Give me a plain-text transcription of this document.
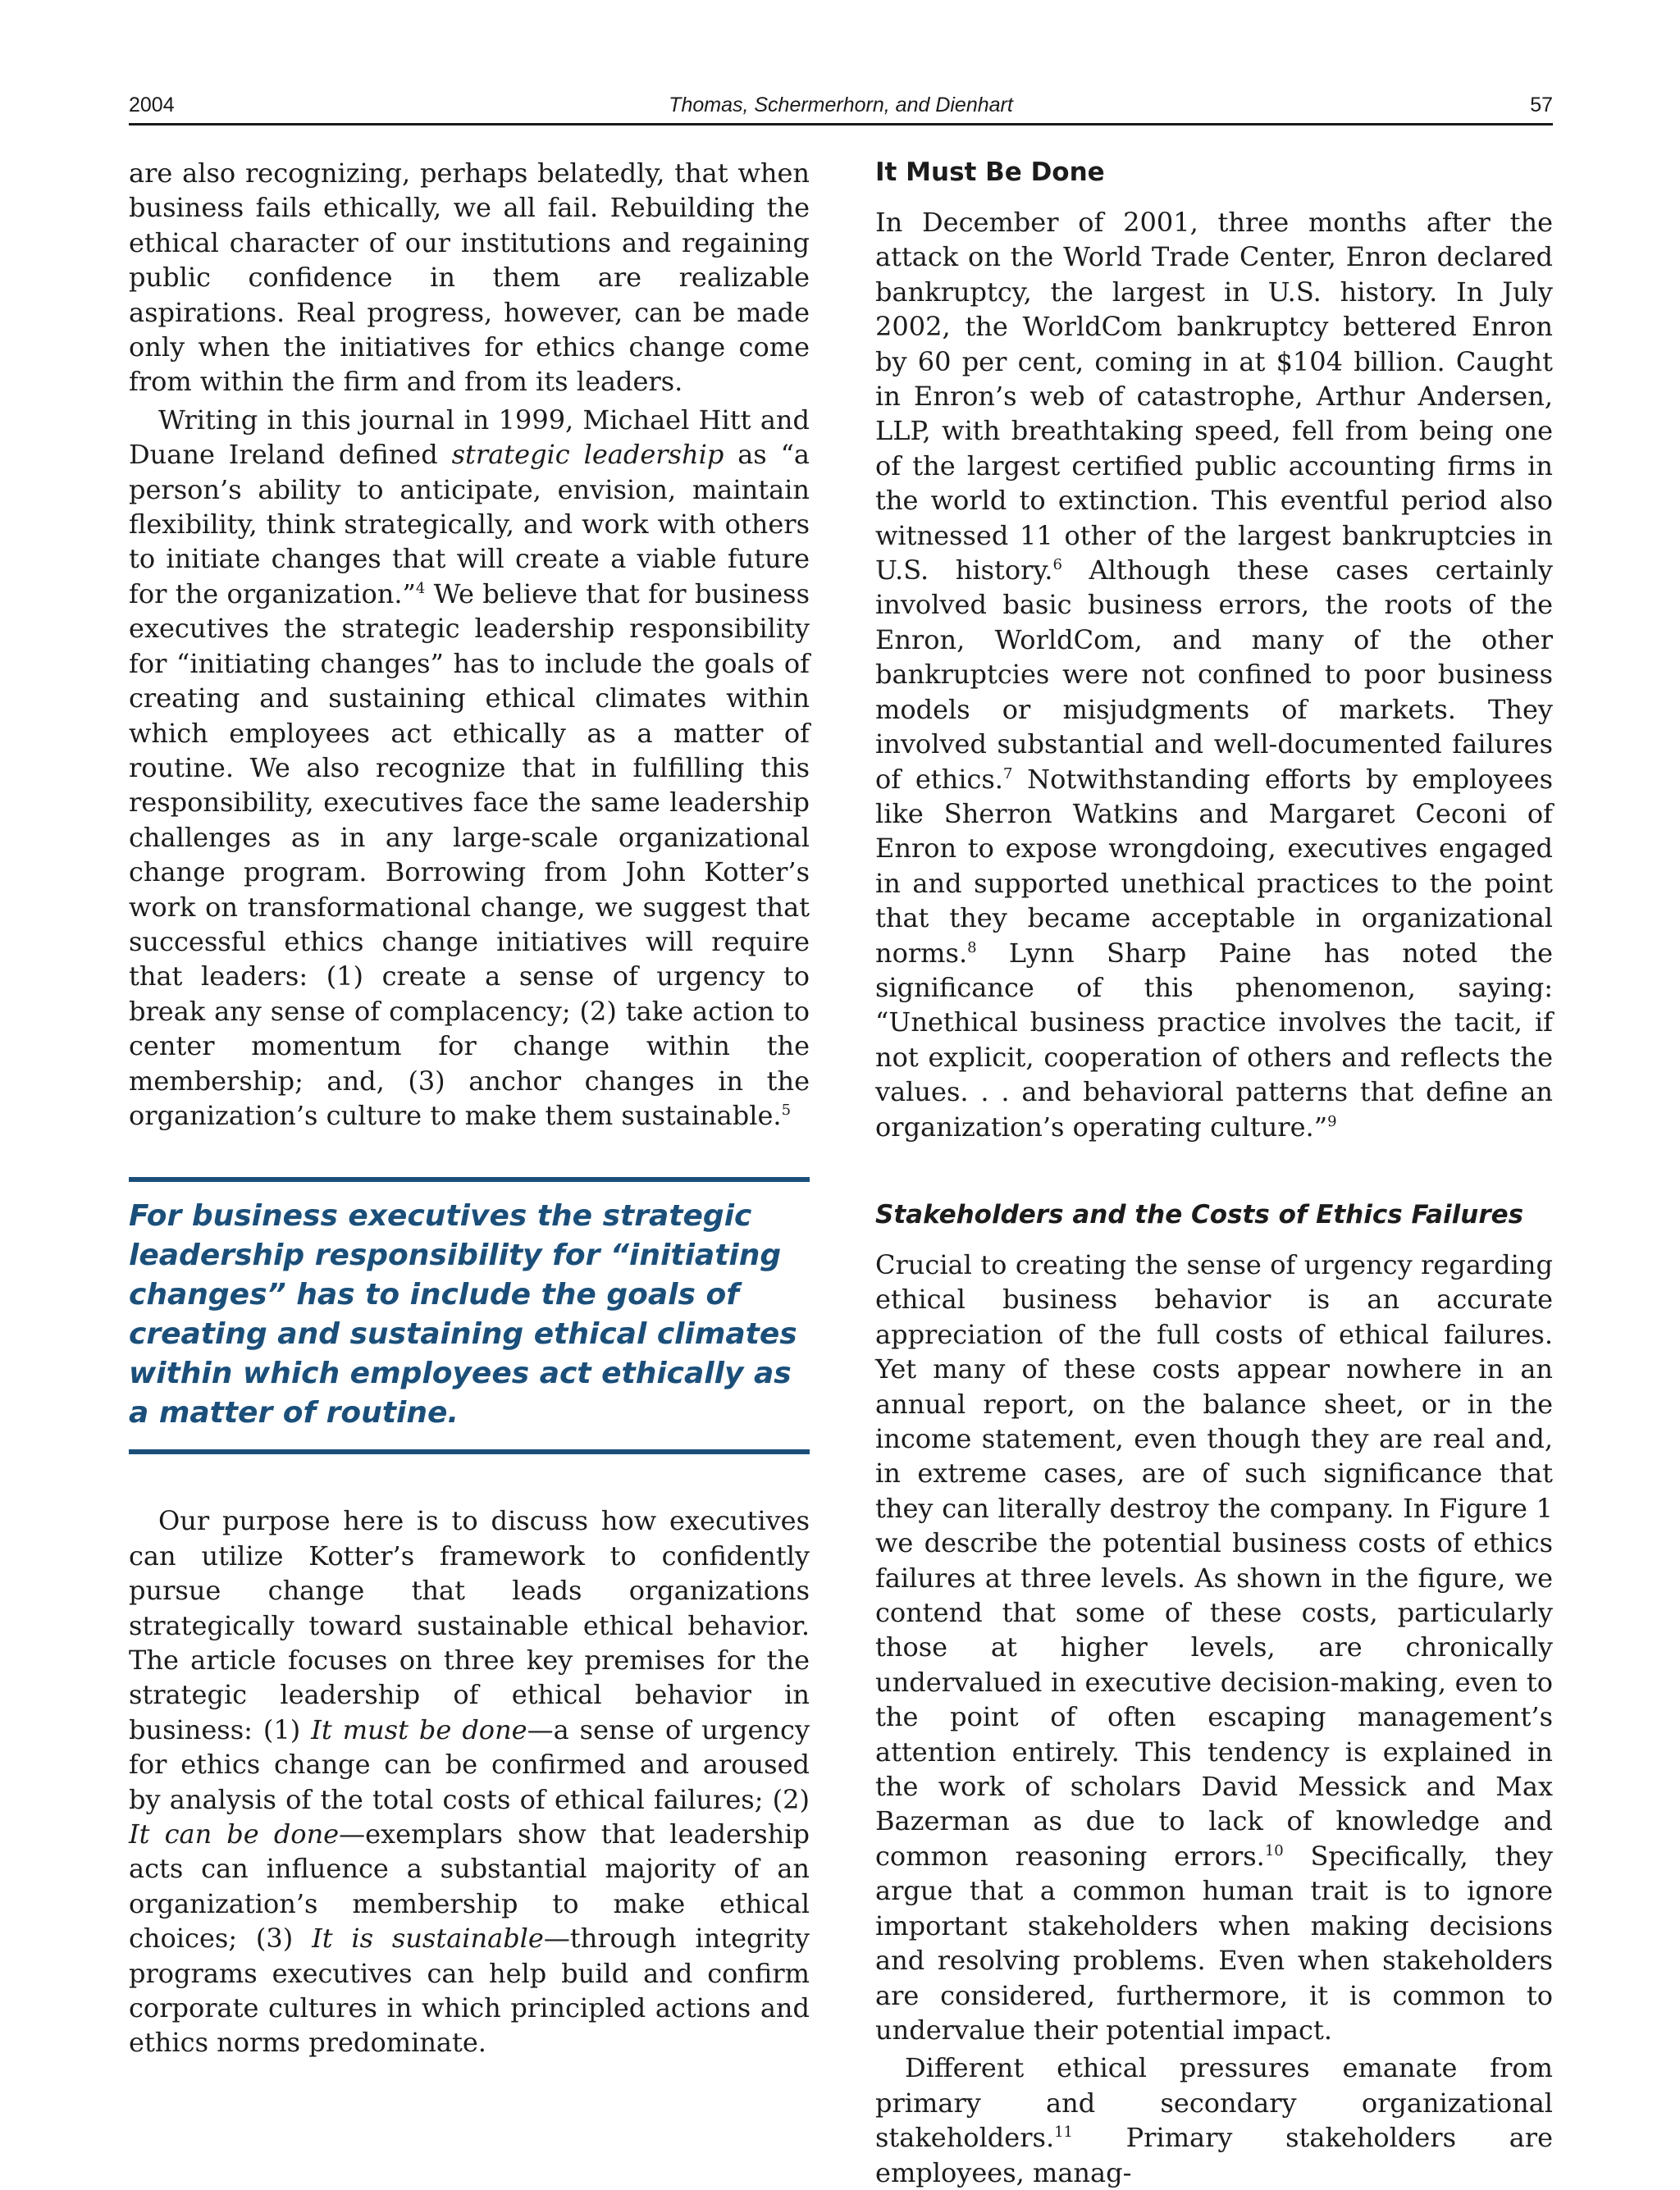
2004	Thomas, Schermerhorn, and Dienhart	57

are also recognizing, perhaps belatedly, that when business fails ethically, we all fail. Rebuilding the ethical character of our institutions and regaining public confidence in them are realizable aspirations. Real progress, however, can be made only when the initiatives for ethics change come from within the firm and from its leaders.

Writing in this journal in 1999, Michael Hitt and Duane Ireland defined strategic leadership as “a person’s ability to anticipate, envision, maintain flexibility, think strategically, and work with others to initiate changes that will create a viable future for the organization.”$^4$ We believe that for business executives the strategic leadership responsibility for “initiating changes” has to include the goals of creating and sustaining ethical climates within which employees act ethically as a matter of routine. We also recognize that in fulfilling this responsibility, executives face the same leadership challenges as in any large-scale organizational change program. Borrowing from John Kotter’s work on transformational change, we suggest that successful ethics change initiatives will require that leaders: (1) create a sense of urgency to break any sense of complacency; (2) take action to center momentum for change within the membership; and, (3) anchor changes in the organization’s culture to make them sustainable.$^5$

For business executives the strategic leadership responsibility for “initiating changes” has to include the goals of creating and sustaining ethical climates within which employees act ethically as a matter of routine.

Our purpose here is to discuss how executives can utilize Kotter’s framework to confidently pursue change that leads organizations strategically toward sustainable ethical behavior. The article focuses on three key premises for the strategic leadership of ethical behavior in business: (1) It must be done—a sense of urgency for ethics change can be confirmed and aroused by analysis of the total costs of ethical failures; (2) It can be done—exemplars show that leadership acts can influence a substantial majority of an organization’s membership to make ethical choices; (3) It is sustainable—through integrity programs executives can help build and confirm corporate cultures in which principled actions and ethics norms predominate.

It Must Be Done

In December of 2001, three months after the attack on the World Trade Center, Enron declared bankruptcy, the largest in U.S. history. In July 2002, the WorldCom bankruptcy bettered Enron by 60 per cent, coming in at $104 billion. Caught in Enron’s web of catastrophe, Arthur Andersen, LLP, with breathtaking speed, fell from being one of the largest certified public accounting firms in the world to extinction. This eventful period also witnessed 11 other of the largest bankruptcies in U.S. history.$^6$ Although these cases certainly involved basic business errors, the roots of the Enron, WorldCom, and many of the other bankruptcies were not confined to poor business models or misjudgments of markets. They involved substantial and well-documented failures of ethics.$^7$ Notwithstanding efforts by employees like Sherron Watkins and Margaret Ceconi of Enron to expose wrongdoing, executives engaged in and supported unethical practices to the point that they became acceptable in organizational norms.$^8$ Lynn Sharp Paine has noted the significance of this phenomenon, saying: “Unethical business practice involves the tacit, if not explicit, cooperation of others and reflects the values. . . and behavioral patterns that define an organization’s operating culture.”$^9$

Stakeholders and the Costs of Ethics Failures

Crucial to creating the sense of urgency regarding ethical business behavior is an accurate appreciation of the full costs of ethical failures. Yet many of these costs appear nowhere in an annual report, on the balance sheet, or in the income statement, even though they are real and, in extreme cases, are of such significance that they can literally destroy the company. In Figure 1 we describe the potential business costs of ethics failures at three levels. As shown in the figure, we contend that some of these costs, particularly those at higher levels, are chronically undervalued in executive decision-making, even to the point of often escaping management’s attention entirely. This tendency is explained in the work of scholars David Messick and Max Bazerman as due to lack of knowledge and common reasoning errors.$^{10}$ Specifically, they argue that a common human trait is to ignore important stakeholders when making decisions and resolving problems. Even when stakeholders are considered, furthermore, it is common to undervalue their potential impact.

Different ethical pressures emanate from primary and secondary organizational stakeholders.$^{11}$ Primary stakeholders are employees, manag-
